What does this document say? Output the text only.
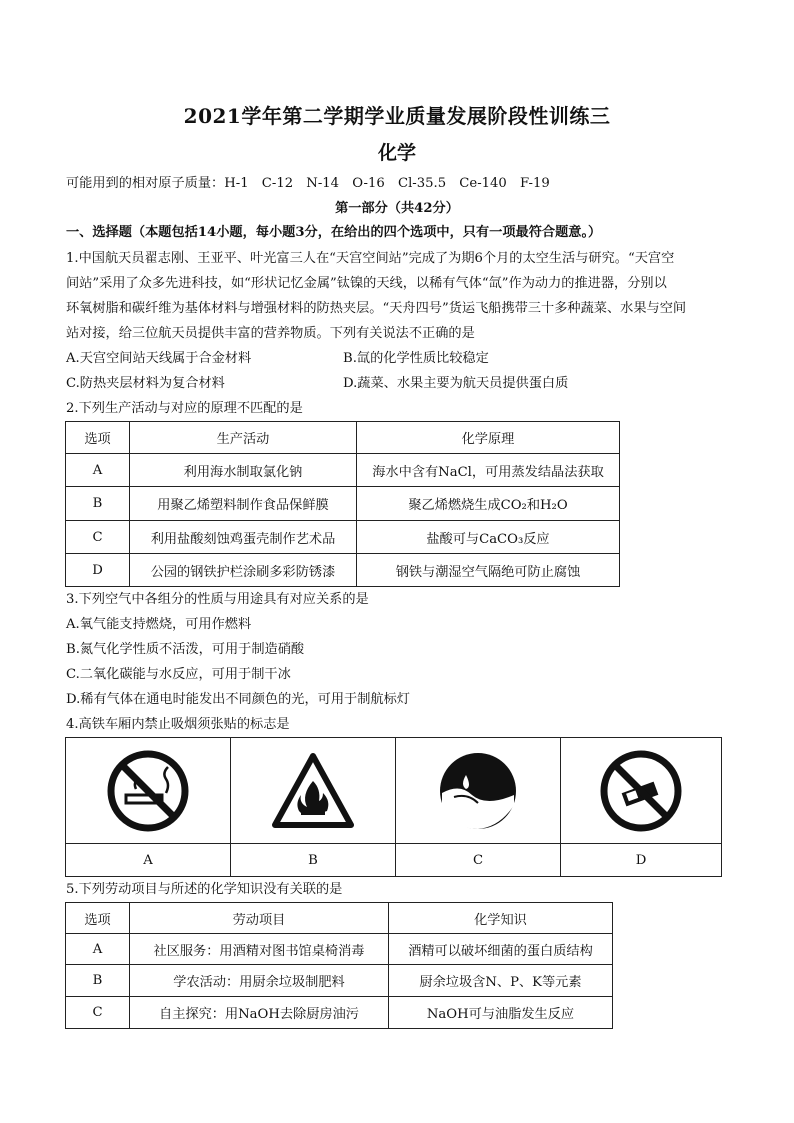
2021学年第二学期学业质量发展阶段性训练三
化学
可能用到的相对原子质量：H-1　C-12　N-14　O-16　Cl-35.5　Ce-140　F-19
第一部分（共42分）
一、选择题（本题包括14小题，每小题3分，在给出的四个选项中，只有一项最符合题意。）
1.中国航天员翟志刚、王亚平、叶光富三人在“天宫空间站”完成了为期6个月的太空生活与研究。“天宫空
间站”采用了众多先进科技，如“形状记忆金属”钛镍的天线，以稀有气体“氙”作为动力的推进器，分别以
环氧树脂和碳纤维为基体材料与增强材料的防热夹层。“天舟四号”货运飞船携带三十多种蔬菜、水果与空间
站对接，给三位航天员提供丰富的营养物质。下列有关说法不正确的是
A.天宫空间站天线属于合金材料	B.氙的化学性质比较稳定
C.防热夹层材料为复合材料	D.蔬菜、水果主要为航天员提供蛋白质
2.下列生产活动与对应的原理不匹配的是
选项	生产活动	化学原理
A	利用海水制取氯化钠	海水中含有NaCl，可用蒸发结晶法获取
B	用聚乙烯塑料制作食品保鲜膜	聚乙烯燃烧生成CO₂和H₂O
C	利用盐酸刻蚀鸡蛋壳制作艺术品	盐酸可与CaCO₃反应
D	公园的钢铁护栏涂刷多彩防锈漆	钢铁与潮湿空气隔绝可防止腐蚀
3.下列空气中各组分的性质与用途具有对应关系的是
A.氧气能支持燃烧，可用作燃料
B.氮气化学性质不活泼，可用于制造硝酸
C.二氧化碳能与水反应，可用于制干冰
D.稀有气体在通电时能发出不同颜色的光，可用于制航标灯
4.高铁车厢内禁止吸烟须张贴的标志是

A	B	C	D
5.下列劳动项目与所述的化学知识没有关联的是
选项	劳动项目	化学知识
A	社区服务：用酒精对图书馆桌椅消毒	酒精可以破坏细菌的蛋白质结构
B	学农活动：用厨余垃圾制肥料	厨余垃圾含N、P、K等元素
C	自主探究：用NaOH去除厨房油污	NaOH可与油脂发生反应
